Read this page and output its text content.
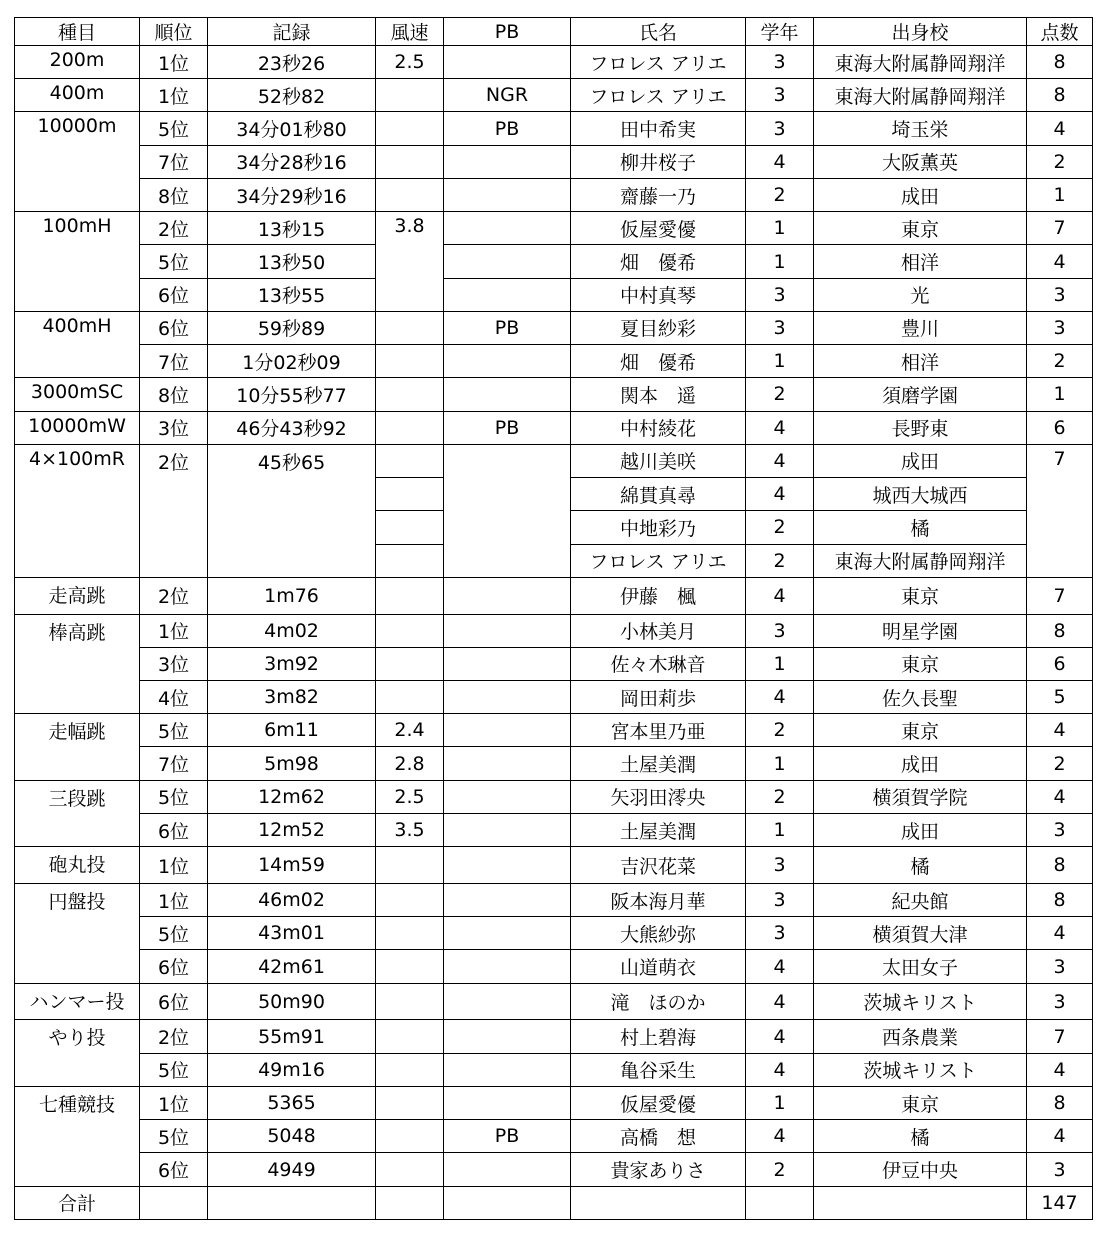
種目	順位	記録	風速	PB	氏名	学年	出身校	点数
200m	1位	23秒26	2.5		フロレス アリエ	3	東海大附属静岡翔洋	8
400m	1位	52秒82		NGR	フロレス アリエ	3	東海大附属静岡翔洋	8
10000m	5位	34分01秒80		PB	田中希実	3	埼玉栄	4
	7位	34分28秒16			柳井桜子	4	大阪薫英	2
	8位	34分29秒16			齋藤一乃	2	成田	1
100mH	2位	13秒15	3.8		仮屋愛優	1	東京	7
	5位	13秒50			畑　優希	1	相洋	4
	6位	13秒55			中村真琴	3	光	3
400mH	6位	59秒89		PB	夏目紗彩	3	豊川	3
	7位	1分02秒09			畑　優希	1	相洋	2
3000mSC	8位	10分55秒77			関本　遥	2	須磨学園	1
10000mW	3位	46分43秒92		PB	中村綾花	4	長野東	6
4×100mR	2位	45秒65			越川美咲	4	成田	7
					綿貫真尋	4	城西大城西	
					中地彩乃	2	橘	
					フロレス アリエ	2	東海大附属静岡翔洋	
走高跳	2位	1m76			伊藤　楓	4	東京	7
棒高跳	1位	4m02			小林美月	3	明星学園	8
	3位	3m92			佐々木琳音	1	東京	6
	4位	3m82			岡田莉歩	4	佐久長聖	5
走幅跳	5位	6m11	2.4		宮本里乃亜	2	東京	4
	7位	5m98	2.8		土屋美潤	1	成田	2
三段跳	5位	12m62	2.5		矢羽田澪央	2	横須賀学院	4
	6位	12m52	3.5		土屋美潤	1	成田	3
砲丸投	1位	14m59			吉沢花菜	3	橘	8
円盤投	1位	46m02			阪本海月華	3	紀央館	8
	5位	43m01			大熊紗弥	3	横須賀大津	4
	6位	42m61			山道萌衣	4	太田女子	3
ハンマー投	6位	50m90			滝　ほのか	4	茨城キリスト	3
やり投	2位	55m91			村上碧海	4	西条農業	7
	5位	49m16			亀谷采生	4	茨城キリスト	4
七種競技	1位	5365			仮屋愛優	1	東京	8
	5位	5048		PB	高橋　想	4	橘	4
	6位	4949			貴家ありさ	2	伊豆中央	3
合計								147
